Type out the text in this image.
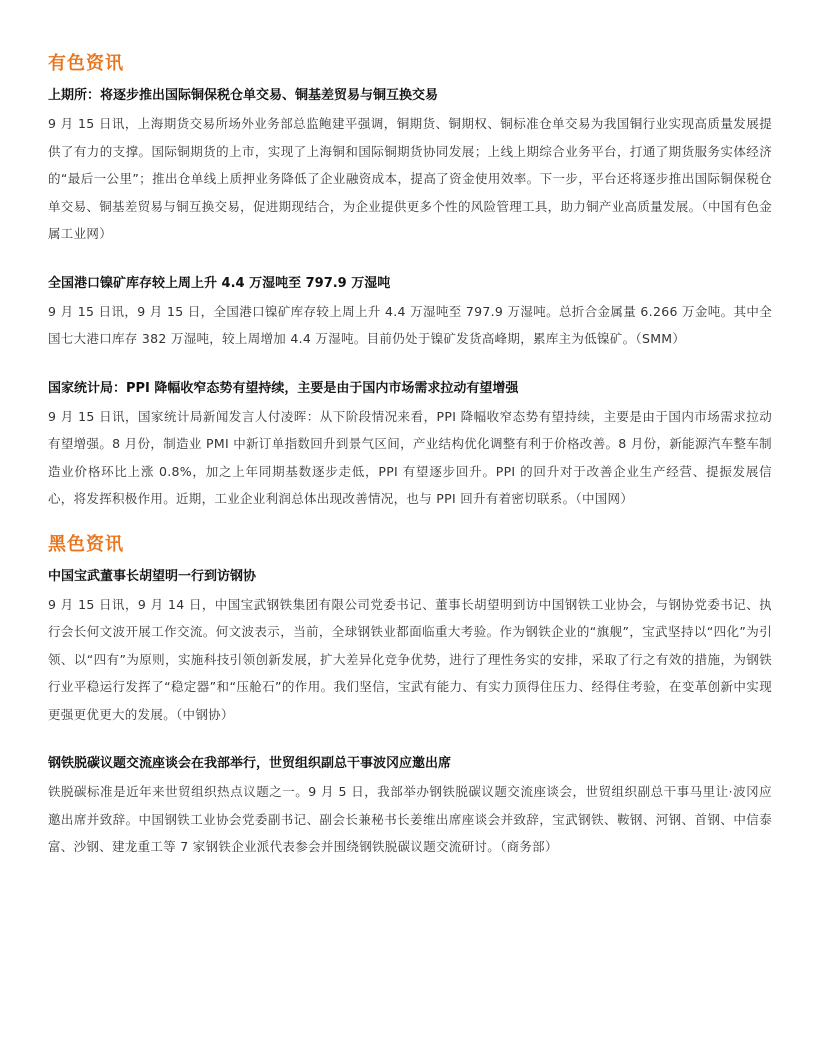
有色资讯
上期所：将逐步推出国际铜保税仓单交易、铜基差贸易与铜互换交易

9 月 15 日讯，上海期货交易所场外业务部总监鲍建平强调，铜期货、铜期权、铜标准仓单交易为我国铜行业实现高质量发展提供了有力的支撑。国际铜期货的上市，实现了上海铜和国际铜期货协同发展；上线上期综合业务平台，打通了期货服务实体经济的“最后一公里”；推出仓单线上质押业务降低了企业融资成本，提高了资金使用效率。下一步，平台还将逐步推出国际铜保税仓单交易、铜基差贸易与铜互换交易，促进期现结合，为企业提供更多个性的风险管理工具，助力铜产业高质量发展。（中国有色金属工业网）

全国港口镍矿库存较上周上升 4.4 万湿吨至 797.9 万湿吨

9 月 15 日讯，9 月 15 日，全国港口镍矿库存较上周上升 4.4 万湿吨至 797.9 万湿吨。总折合金属量 6.266 万金吨。其中全国七大港口库存 382 万湿吨，较上周增加 4.4 万湿吨。目前仍处于镍矿发货高峰期，累库主为低镍矿。（SMM）

国家统计局：PPI 降幅收窄态势有望持续，主要是由于国内市场需求拉动有望增强

9 月 15 日讯，国家统计局新闻发言人付凌晖：从下阶段情况来看，PPI 降幅收窄态势有望持续，主要是由于国内市场需求拉动有望增强。8 月份，制造业 PMI 中新订单指数回升到景气区间，产业结构优化调整有利于价格改善。8 月份，新能源汽车整车制造业价格环比上涨 0.8%，加之上年同期基数逐步走低，PPI 有望逐步回升。PPI 的回升对于改善企业生产经营、提振发展信心，将发挥积极作用。近期，工业企业利润总体出现改善情况，也与 PPI 回升有着密切联系。（中国网）

黑色资讯
中国宝武董事长胡望明一行到访钢协

9 月 15 日讯，9 月 14 日，中国宝武钢铁集团有限公司党委书记、董事长胡望明到访中国钢铁工业协会，与钢协党委书记、执行会长何文波开展工作交流。何文波表示，当前，全球钢铁业都面临重大考验。作为钢铁企业的“旗舰”，宝武坚持以“四化”为引领、以“四有”为原则，实施科技引领创新发展，扩大差异化竞争优势，进行了理性务实的安排，采取了行之有效的措施，为钢铁行业平稳运行发挥了“稳定器”和“压舱石”的作用。我们坚信，宝武有能力、有实力顶得住压力、经得住考验，在变革创新中实现更强更优更大的发展。（中钢协）

钢铁脱碳议题交流座谈会在我部举行，世贸组织副总干事波冈应邀出席

铁脱碳标准是近年来世贸组织热点议题之一。9 月 5 日，我部举办钢铁脱碳议题交流座谈会，世贸组织副总干事马里让·波冈应邀出席并致辞。中国钢铁工业协会党委副书记、副会长兼秘书长姜维出席座谈会并致辞，宝武钢铁、鞍钢、河钢、首钢、中信泰富、沙钢、建龙重工等 7 家钢铁企业派代表参会并围绕钢铁脱碳议题交流研讨。（商务部）
